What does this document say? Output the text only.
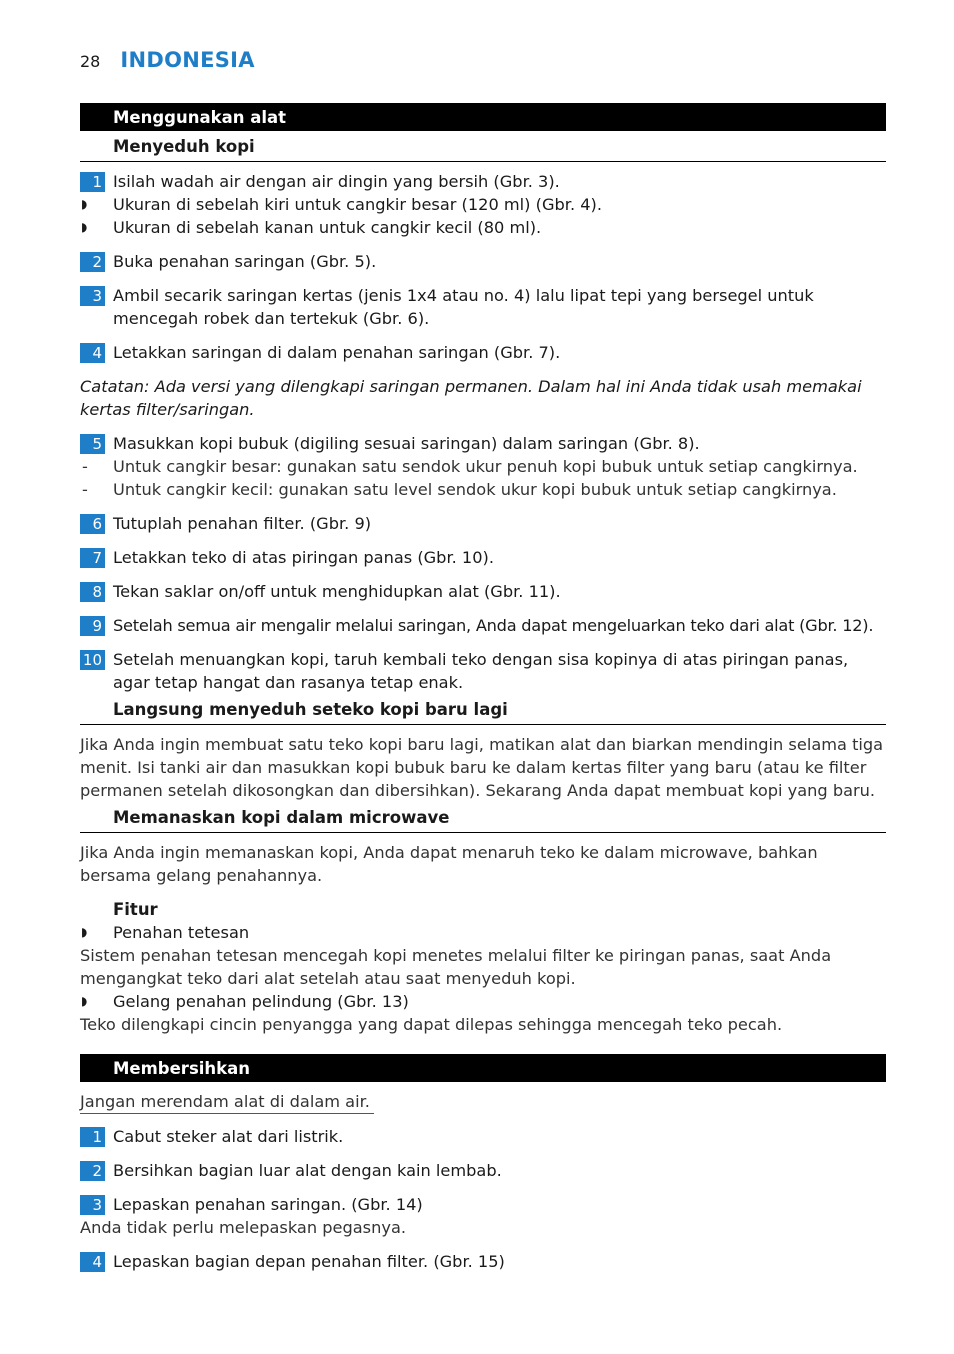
28 INDONESIA
Menggunakan alat
Menyeduh kopi
1 Isilah wadah air dengan air dingin yang bersih (Gbr. 3).
◗ Ukuran di sebelah kiri untuk cangkir besar (120 ml) (Gbr. 4).
◗ Ukuran di sebelah kanan untuk cangkir kecil (80 ml).
2 Buka penahan saringan (Gbr. 5).
3 Ambil secarik saringan kertas (jenis 1x4 atau no. 4) lalu lipat tepi yang bersegel untuk mencegah robek dan tertekuk (Gbr. 6).
4 Letakkan saringan di dalam penahan saringan (Gbr. 7).
Catatan: Ada versi yang dilengkapi saringan permanen. Dalam hal ini Anda tidak usah memakai kertas filter/saringan.
5 Masukkan kopi bubuk (digiling sesuai saringan) dalam saringan (Gbr. 8).
- Untuk cangkir besar: gunakan satu sendok ukur penuh kopi bubuk untuk setiap cangkirnya.
- Untuk cangkir kecil: gunakan satu level sendok ukur kopi bubuk untuk setiap cangkirnya.
6 Tutuplah penahan filter. (Gbr. 9)
7 Letakkan teko di atas piringan panas (Gbr. 10).
8 Tekan saklar on/off untuk menghidupkan alat (Gbr. 11).
9 Setelah semua air mengalir melalui saringan, Anda dapat mengeluarkan teko dari alat (Gbr. 12).
10 Setelah menuangkan kopi, taruh kembali teko dengan sisa kopinya di atas piringan panas, agar tetap hangat dan rasanya tetap enak.
Langsung menyeduh seteko kopi baru lagi
Jika Anda ingin membuat satu teko kopi baru lagi, matikan alat dan biarkan mendingin selama tiga menit. Isi tanki air dan masukkan kopi bubuk baru ke dalam kertas filter yang baru (atau ke filter permanen setelah dikosongkan dan dibersihkan). Sekarang Anda dapat membuat kopi yang baru.
Memanaskan kopi dalam microwave
Jika Anda ingin memanaskan kopi, Anda dapat menaruh teko ke dalam microwave, bahkan bersama gelang penahannya.
Fitur
◗ Penahan tetesan
Sistem penahan tetesan mencegah kopi menetes melalui filter ke piringan panas, saat Anda mengangkat teko dari alat setelah atau saat menyeduh kopi.
◗ Gelang penahan pelindung (Gbr. 13)
Teko dilengkapi cincin penyangga yang dapat dilepas sehingga mencegah teko pecah.
Membersihkan
Jangan merendam alat di dalam air.
1 Cabut steker alat dari listrik.
2 Bersihkan bagian luar alat dengan kain lembab.
3 Lepaskan penahan saringan. (Gbr. 14)
Anda tidak perlu melepaskan pegasnya.
4 Lepaskan bagian depan penahan filter. (Gbr. 15)
